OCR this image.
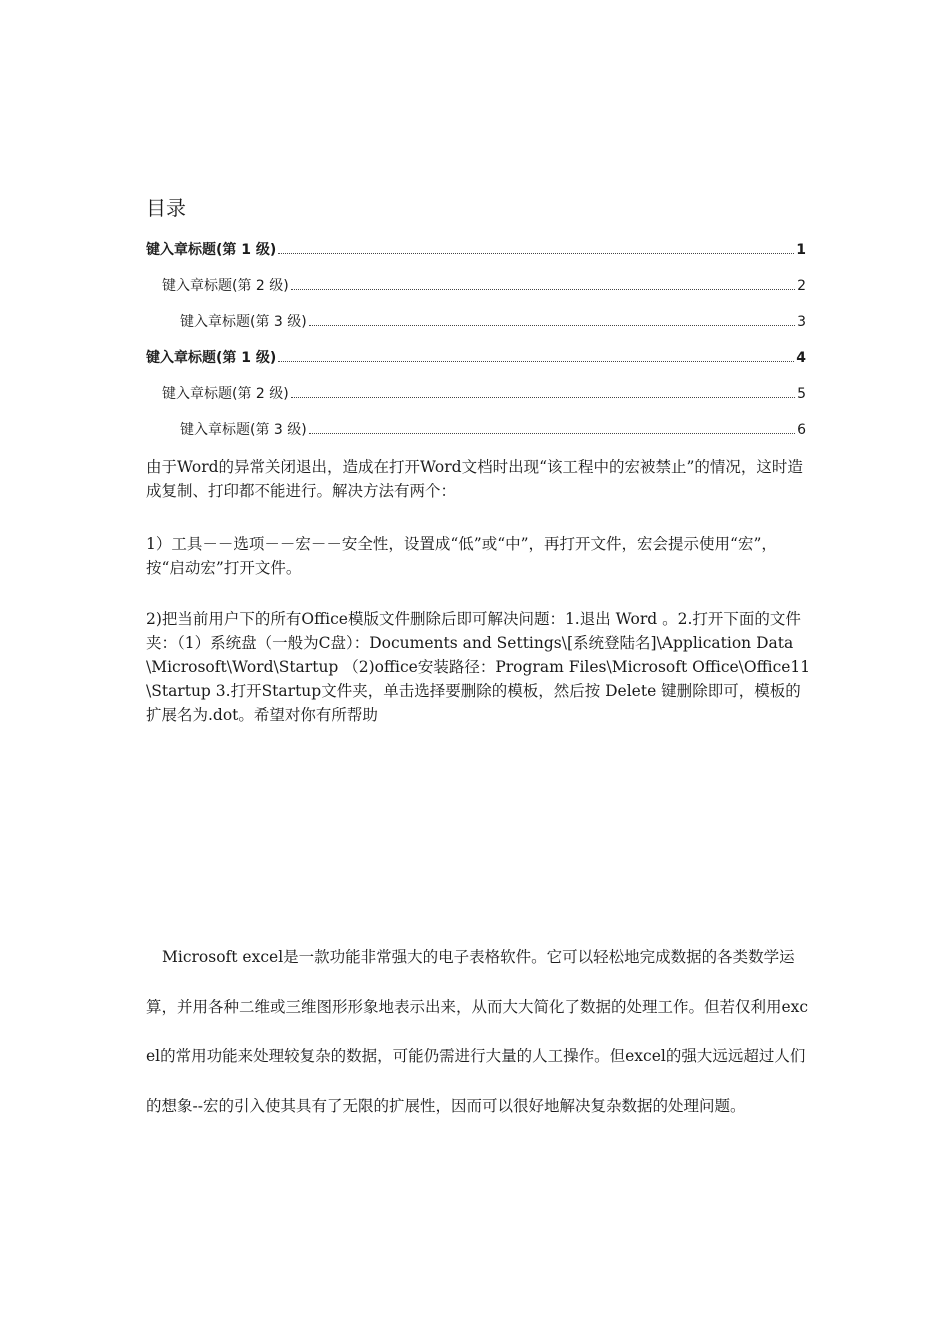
目录
键入章标题(第 1 级)	1
键入章标题(第 2 级)	2
键入章标题(第 3 级)	3
键入章标题(第 1 级)	4
键入章标题(第 2 级)	5
键入章标题(第 3 级)	6

由于Word的异常关闭退出，造成在打开Word文档时出现“该工程中的宏被禁止”的情况，这时造成复制、打印都不能进行。解决方法有两个：

1）工具－－选项－－宏－－安全性，设置成“低”或“中”，再打开文件，宏会提示使用“宏”，按“启动宏”打开文件。

2)把当前用户下的所有Office模版文件删除后即可解决问题：1.退出 Word 。2.打开下面的文件夹：（1）系统盘（一般为C盘）：Documents and Settings\[系统登陆名]\Application Data\Microsoft\Word\Startup （2)office安装路径：Program Files\Microsoft Office\Office11\Startup 3.打开Startup文件夹，单击选择要删除的模板，然后按 Delete 键删除即可，模板的扩展名为.dot。希望对你有所帮助

Microsoft excel是一款功能非常强大的电子表格软件。它可以轻松地完成数据的各类数学运算，并用各种二维或三维图形形象地表示出来，从而大大简化了数据的处理工作。但若仅利用excel的常用功能来处理较复杂的数据，可能仍需进行大量的人工操作。但excel的强大远远超过人们的想象--宏的引入使其具有了无限的扩展性，因而可以很好地解决复杂数据的处理问题。
